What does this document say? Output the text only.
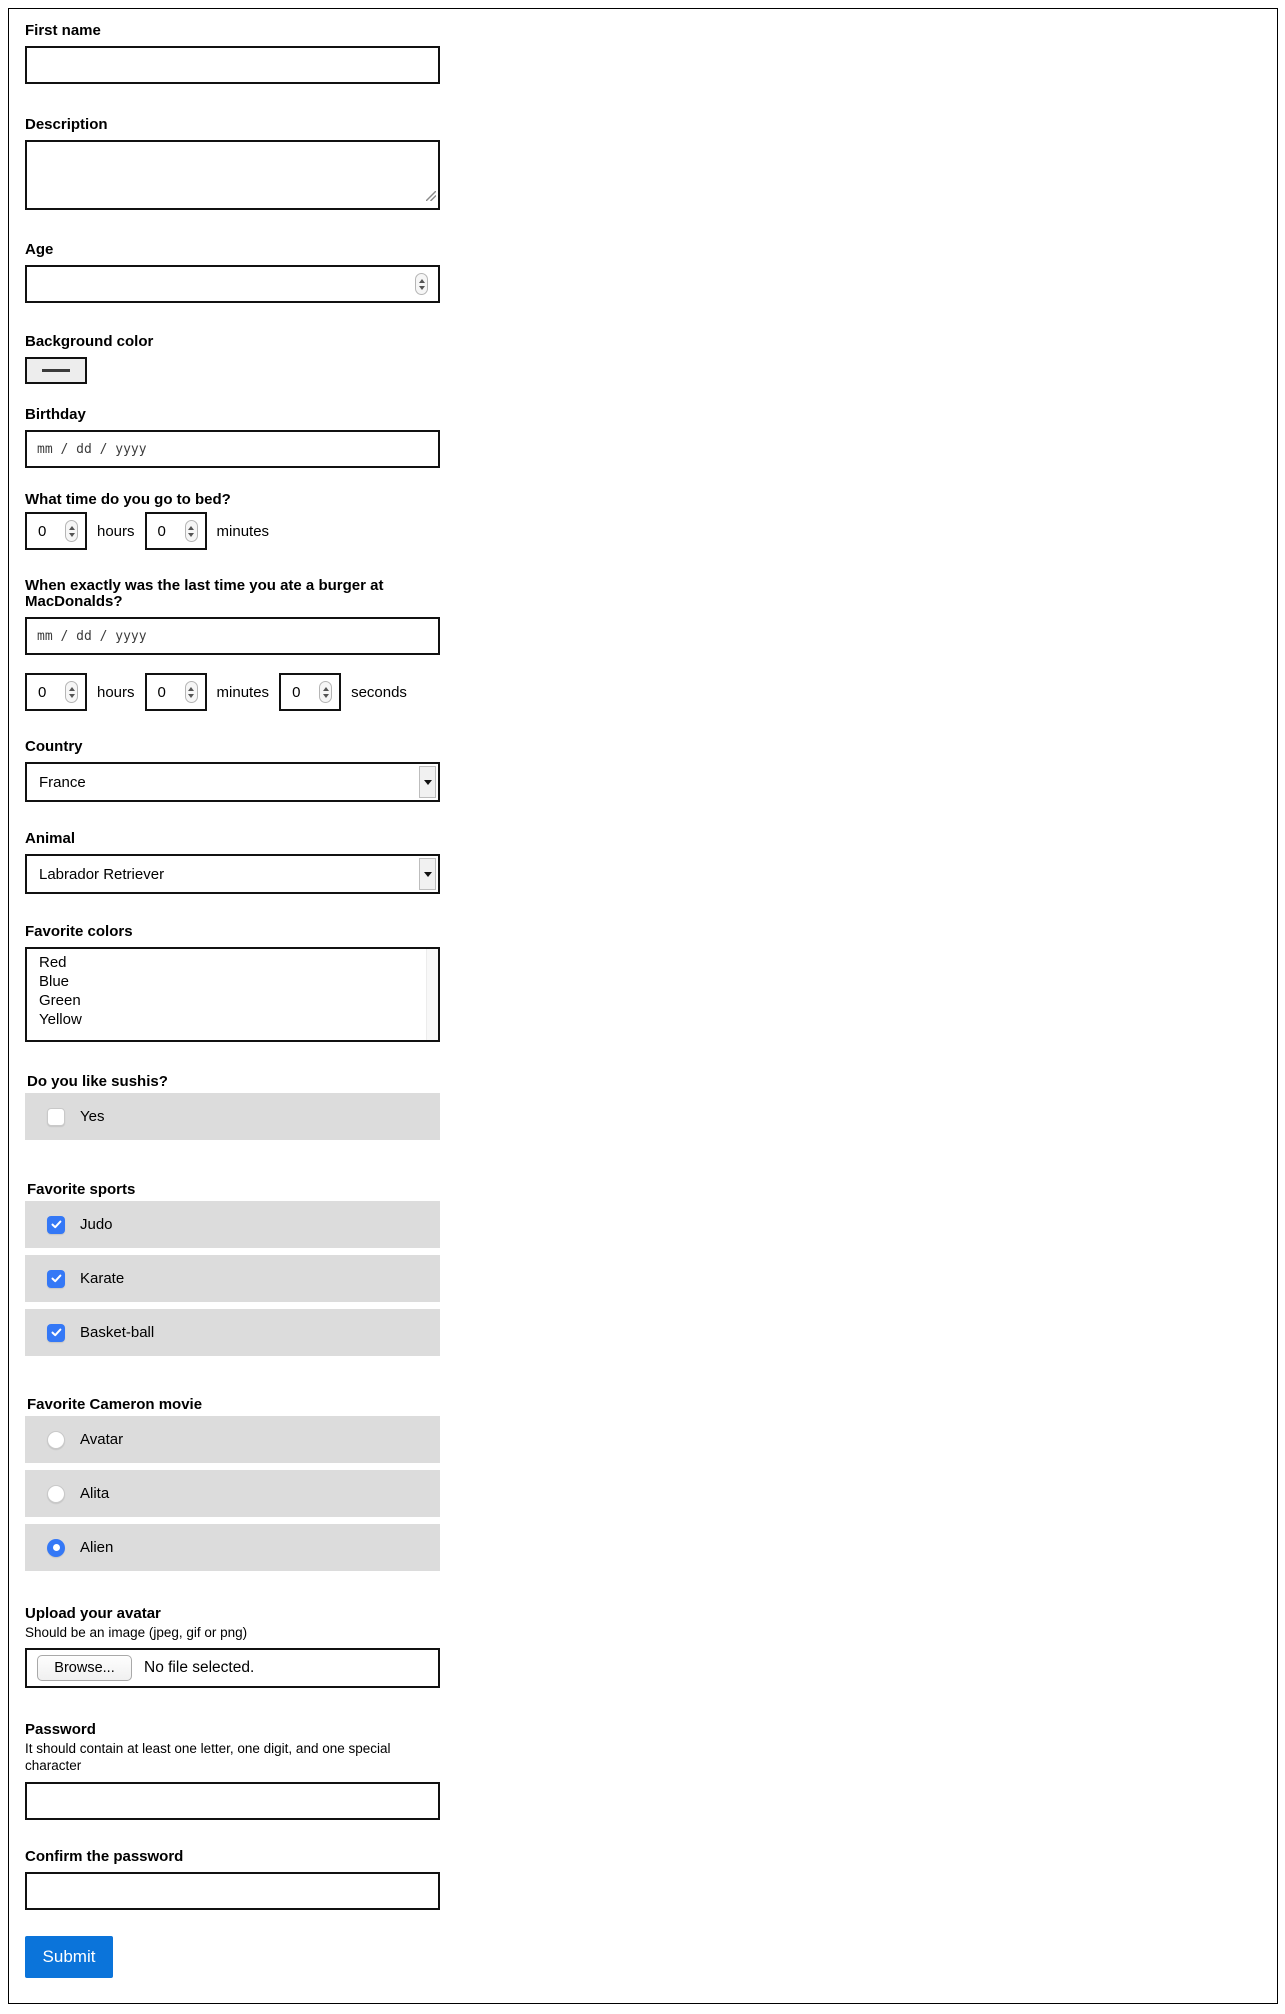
First name
Description
Age
Background color
Birthday
mm / dd / yyyy
What time do you go to bed?
0	hours 0	minutes
When exactly was the last time you ate a burger at MacDonalds?
mm / dd / yyyy
0	hours 0	minutes 0	seconds
Country
France
Animal
Labrador Retriever
Favorite colors
Red
Blue
Green
Yellow
Do you like sushis?
Yes
Favorite sports
Judo
Karate
Basket-ball
Favorite Cameron movie
Avatar
Alita
Alien
Upload your avatar
Should be an image (jpeg, gif or png)
Browse...	No file selected.
Password
It should contain at least one letter, one digit, and one special character
Confirm the password
Submit
